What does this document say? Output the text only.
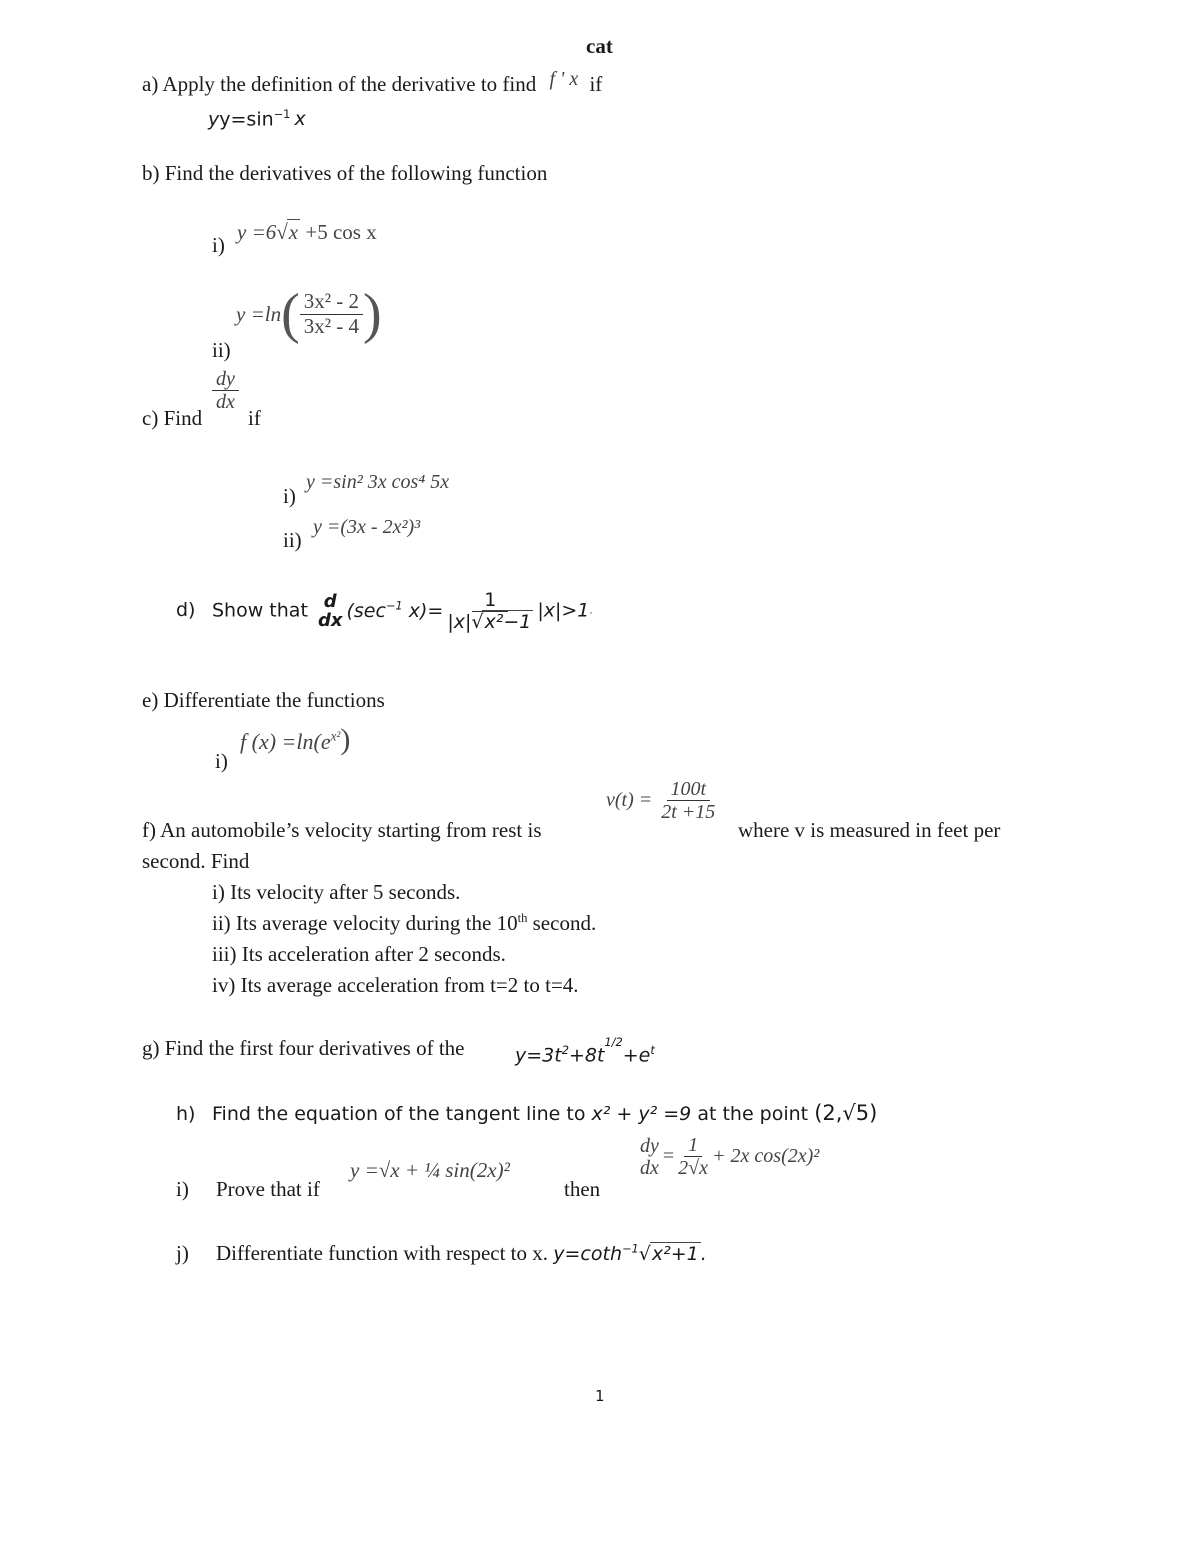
cat
a) Apply the definition of the derivative to find f ' x if
$yy=\sin^{-1}$ x
b) Find the derivatives of the following function
i)
y =6√x +5 cos x
ii)
$y =\ln( \frac{\text{3x² - 2}}{\text{3x² - 4}}$ )
$\frac{dy}{dx}$
c) Find if
i)
y =sin² 3x cos⁴ 5x
ii)
y =(3x - 2x²)³
d) Show that d
dx ($\sec^{-1}$ $x)= \frac{1}{\text{|x|√x²−1}} |x|>1$.
e) Differentiate the functions
i)
f $(x) =\ln(e^{x^2})$
$v(t) = \frac{100t}{2t +15}$
f) An automobile’s velocity starting from rest is	where v is measured in feet per
second. Find
i) Its velocity after 5 seconds.
ii) Its average velocity during the 10th second.
iii) Its acceleration after 2 seconds.
iv) Its average acceleration from t=2 to t=4.
g) Find the first four derivatives of the	$y=3t^2+8t^{1/2}+e^t$
h) Find the equation of the tangent line to x² + y² =9 at the point (2,√5)
i) Prove that if
y =√x + ¼ sin(2x)²
then
dy
dx
= $\frac{1}{2√x} + 2x$ cos(2x)²
j) Differentiate function with respect to x. y=coth$^{-1}$√x²+1 .
1
